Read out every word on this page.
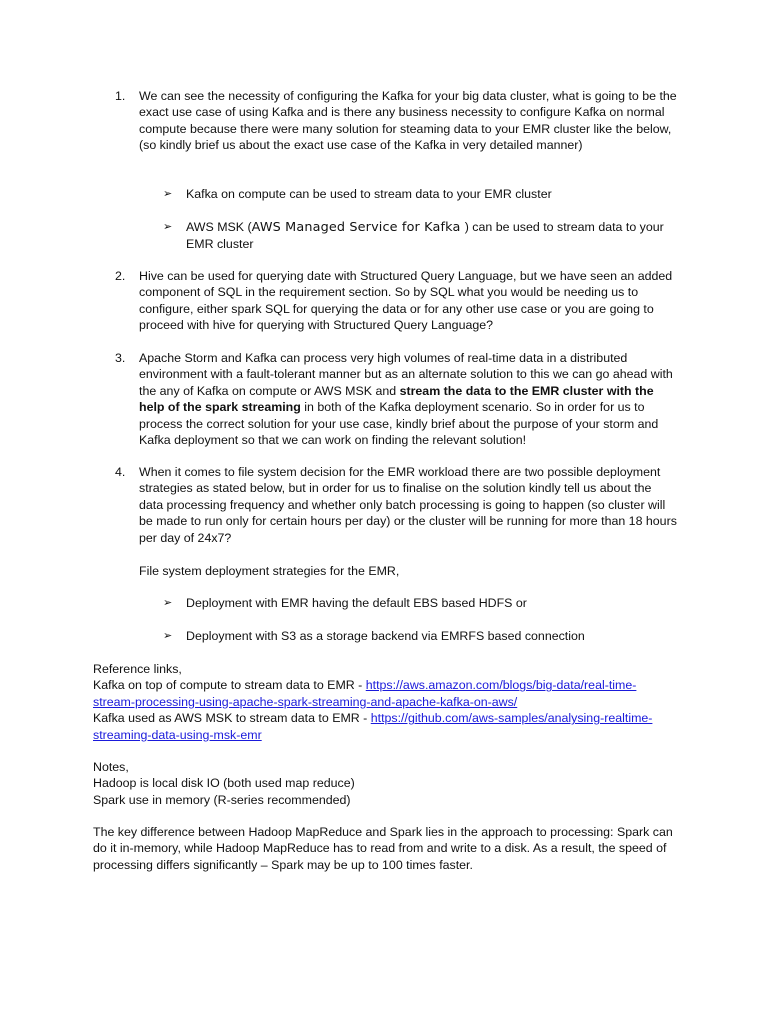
1. We can see the necessity of configuring the Kafka for your big data cluster, what is going to be the exact use case of using Kafka and is there any business necessity to configure Kafka on normal compute because there were many solution for steaming data to your EMR cluster like the below, (so kindly brief us about the exact use case of the Kafka in very detailed manner)
➢ Kafka on compute can be used to stream data to your EMR cluster
➢ AWS MSK (AWS Managed Service for Kafka ) can be used to stream data to your EMR cluster
2. Hive can be used for querying date with Structured Query Language, but we have seen an added component of SQL in the requirement section. So by SQL what you would be needing us to configure, either spark SQL for querying the data or for any other use case or you are going to proceed with hive for querying with Structured Query Language?
3. Apache Storm and Kafka can process very high volumes of real-time data in a distributed environment with a fault-tolerant manner but as an alternate solution to this we can go ahead with the any of Kafka on compute or AWS MSK and stream the data to the EMR cluster with the help of the spark streaming in both of the Kafka deployment scenario. So in order for us to process the correct solution for your use case, kindly brief about the purpose of your storm and Kafka deployment so that we can work on finding the relevant solution!
4. When it comes to file system decision for the EMR workload there are two possible deployment strategies as stated below, but in order for us to finalise on the solution kindly tell us about the data processing frequency and whether only batch processing is going to happen (so cluster will be made to run only for certain hours per day) or the cluster will be running for more than 18 hours per day of 24x7?
File system deployment strategies for the EMR,
➢ Deployment with EMR having the default EBS based HDFS or
➢ Deployment with S3 as a storage backend via EMRFS based connection
Reference links,
Kafka on top of compute to stream data to EMR - https://aws.amazon.com/blogs/big-data/real-time-stream-processing-using-apache-spark-streaming-and-apache-kafka-on-aws/
Kafka used as AWS MSK to stream data to EMR - https://github.com/aws-samples/analysing-realtime-streaming-data-using-msk-emr
Notes,
Hadoop is local disk IO (both used map reduce)
Spark use in memory (R-series recommended)
The key difference between Hadoop MapReduce and Spark lies in the approach to processing: Spark can do it in-memory, while Hadoop MapReduce has to read from and write to a disk. As a result, the speed of processing differs significantly – Spark may be up to 100 times faster.
